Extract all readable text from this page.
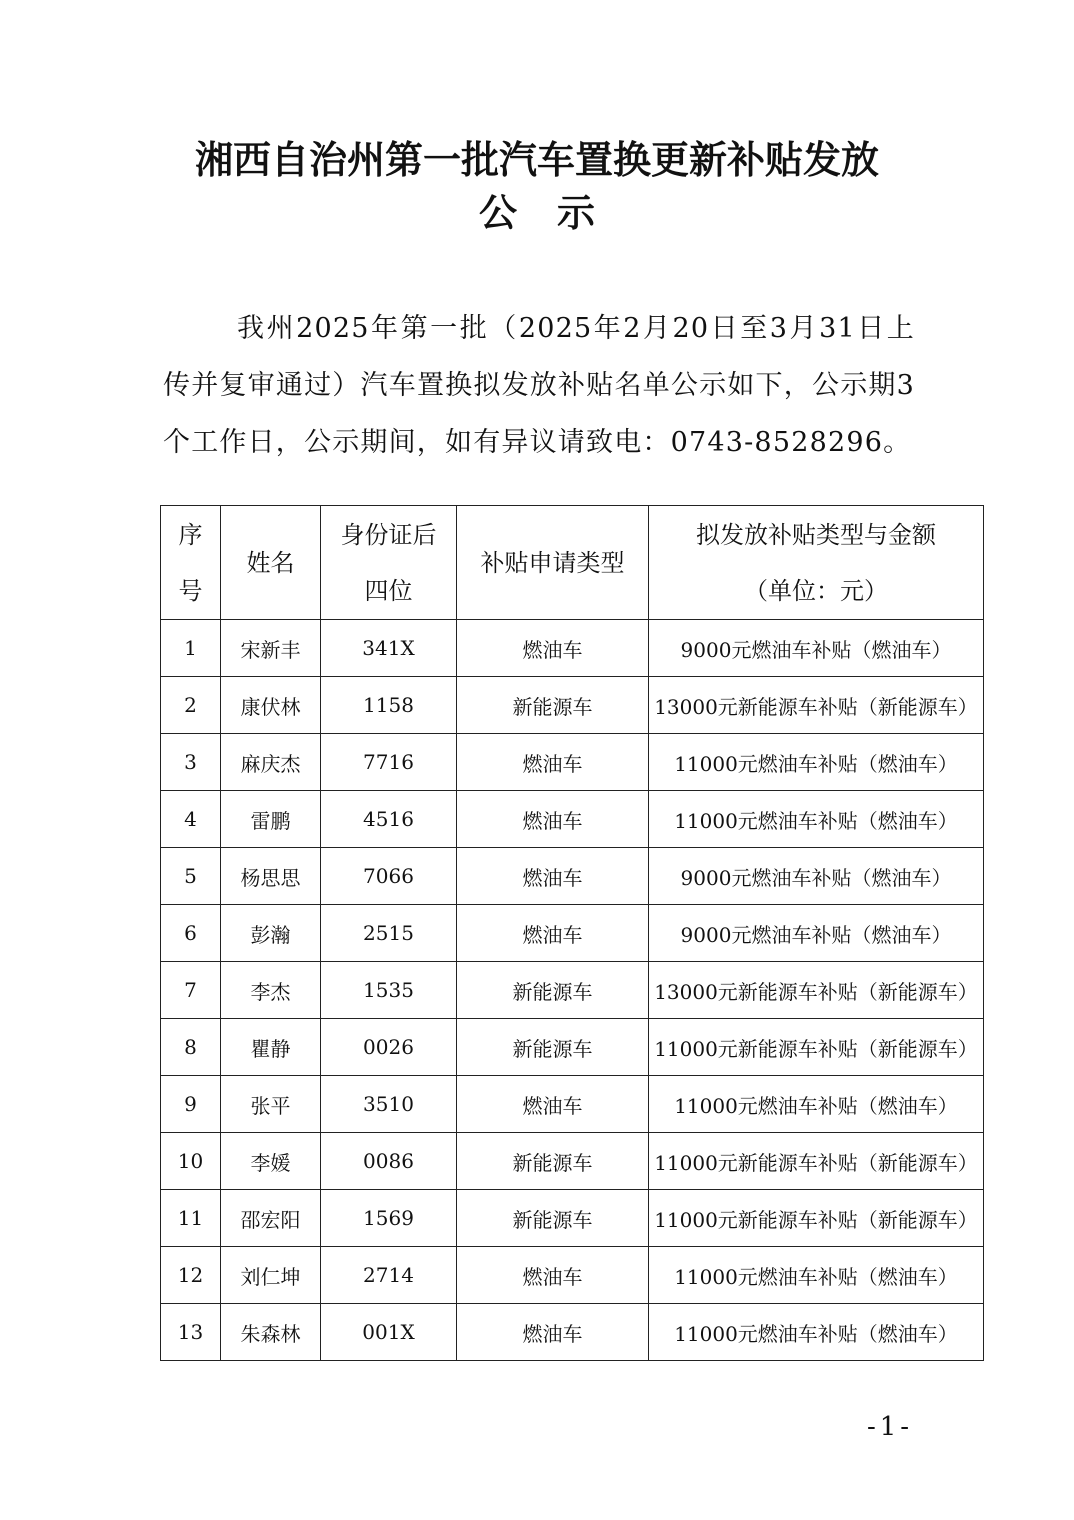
湘西自治州第一批汽车置换更新补贴发放
公示

我州2025年第一批（2025年2月20日至3月31日上传并复审通过）汽车置换拟发放补贴名单公示如下，公示期3个工作日，公示期间，如有异议请致电：0743-8528296。

序号	姓名	身份证后四位	补贴申请类型	拟发放补贴类型与金额
（单位：元）

1	宋新丰	341X	燃油车	9000元燃油车补贴（燃油车）
2	康伏林	1158	新能源车	13000元新能源车补贴（新能源车）
3	麻庆杰	7716	燃油车	11000元燃油车补贴（燃油车）
4	雷鹏	4516	燃油车	11000元燃油车补贴（燃油车）
5	杨思思	7066	燃油车	9000元燃油车补贴（燃油车）
6	彭瀚	2515	燃油车	9000元燃油车补贴（燃油车）
7	李杰	1535	新能源车	13000元新能源车补贴（新能源车）
8	瞿静	0026	新能源车	11000元新能源车补贴（新能源车）
9	张平	3510	燃油车	11000元燃油车补贴（燃油车）
10	李媛	0086	新能源车	11000元新能源车补贴（新能源车）
11	邵宏阳	1569	新能源车	11000元新能源车补贴（新能源车）
12	刘仁坤	2714	燃油车	11000元燃油车补贴（燃油车）
13	朱森林	001X	燃油车	11000元燃油车补贴（燃油车）
-1-
